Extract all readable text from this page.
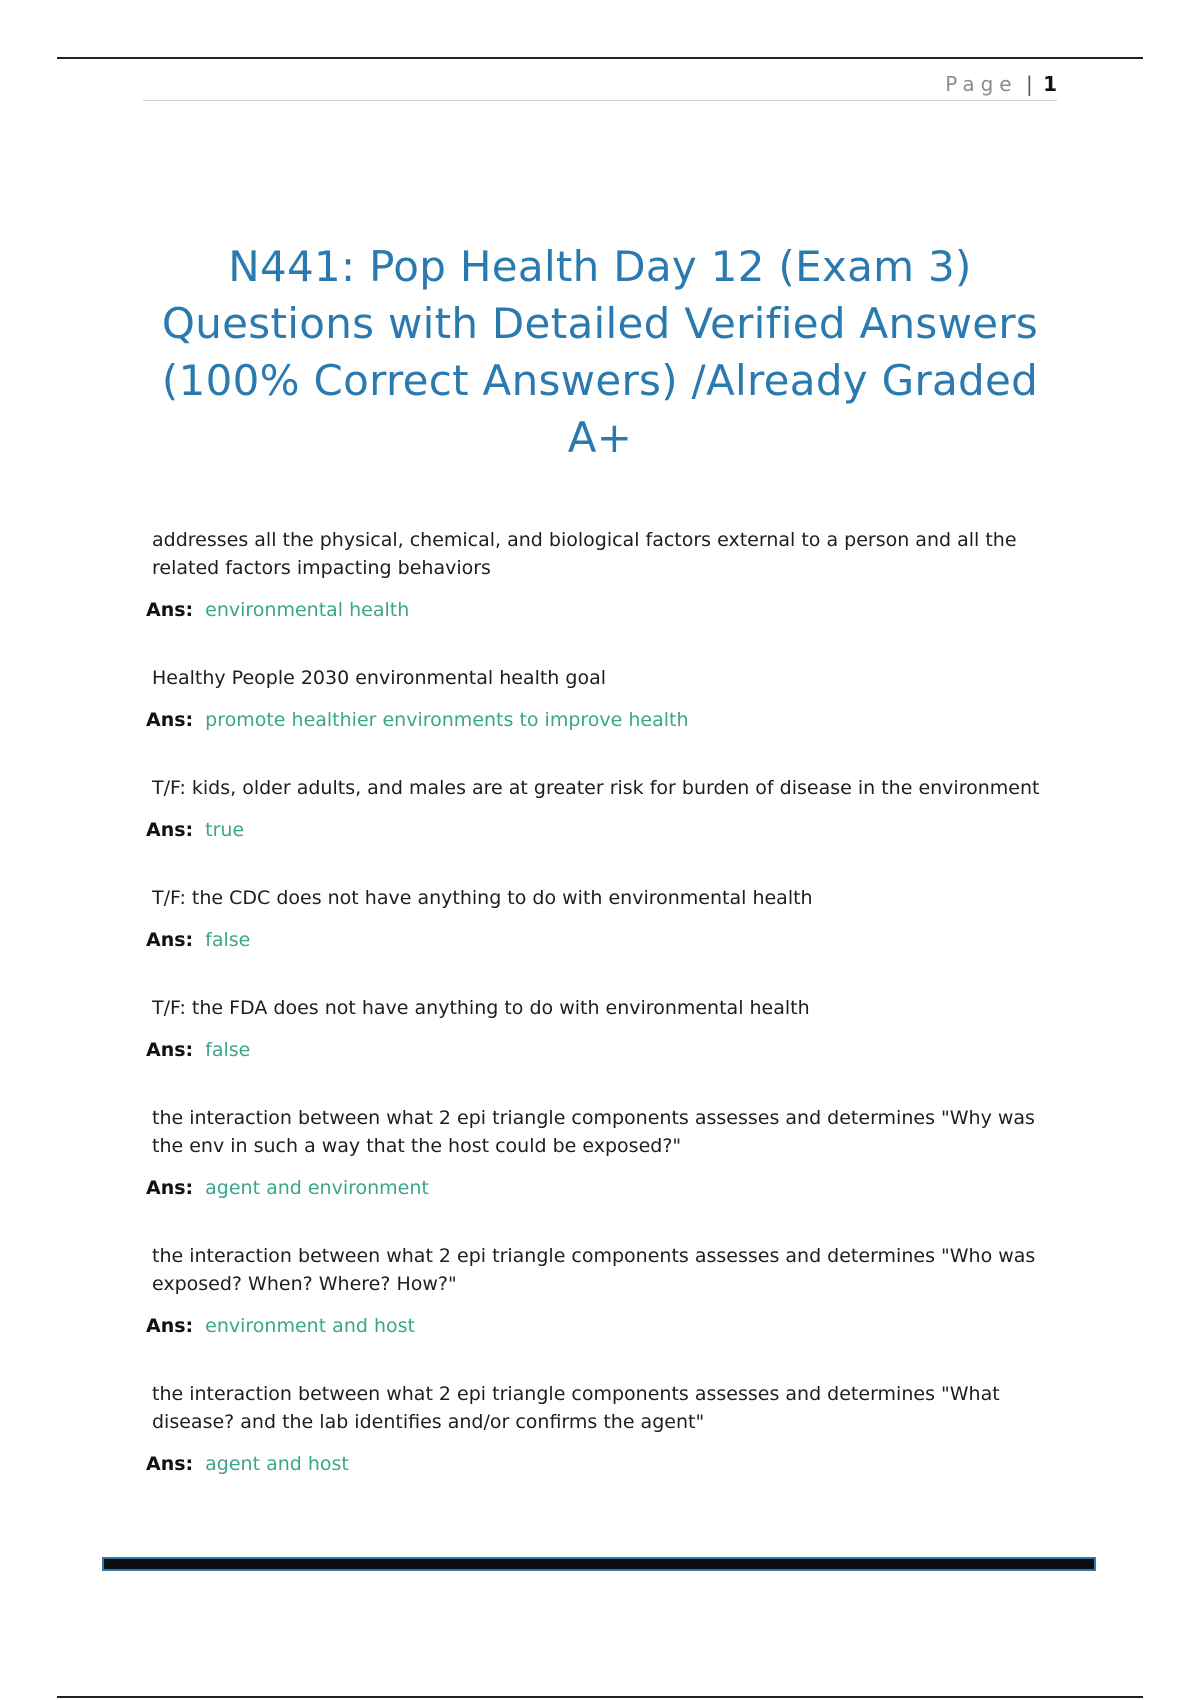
Page | 1
N441: Pop Health Day 12 (Exam 3) Questions with Detailed Verified Answers (100% Correct Answers) /Already Graded A+

addresses all the physical, chemical, and biological factors external to a person and all the related factors impacting behaviors

Ans: environmental health

Healthy People 2030 environmental health goal

Ans: promote healthier environments to improve health

T/F: kids, older adults, and males are at greater risk for burden of disease in the environment

Ans: true

T/F: the CDC does not have anything to do with environmental health

Ans: false

T/F: the FDA does not have anything to do with environmental health

Ans: false

the interaction between what 2 epi triangle components assesses and determines "Why was the env in such a way that the host could be exposed?"

Ans: agent and environment

the interaction between what 2 epi triangle components assesses and determines "Who was exposed? When? Where? How?"

Ans: environment and host

the interaction between what 2 epi triangle components assesses and determines "What disease? and the lab identifies and/or confirms the agent"

Ans: agent and host
